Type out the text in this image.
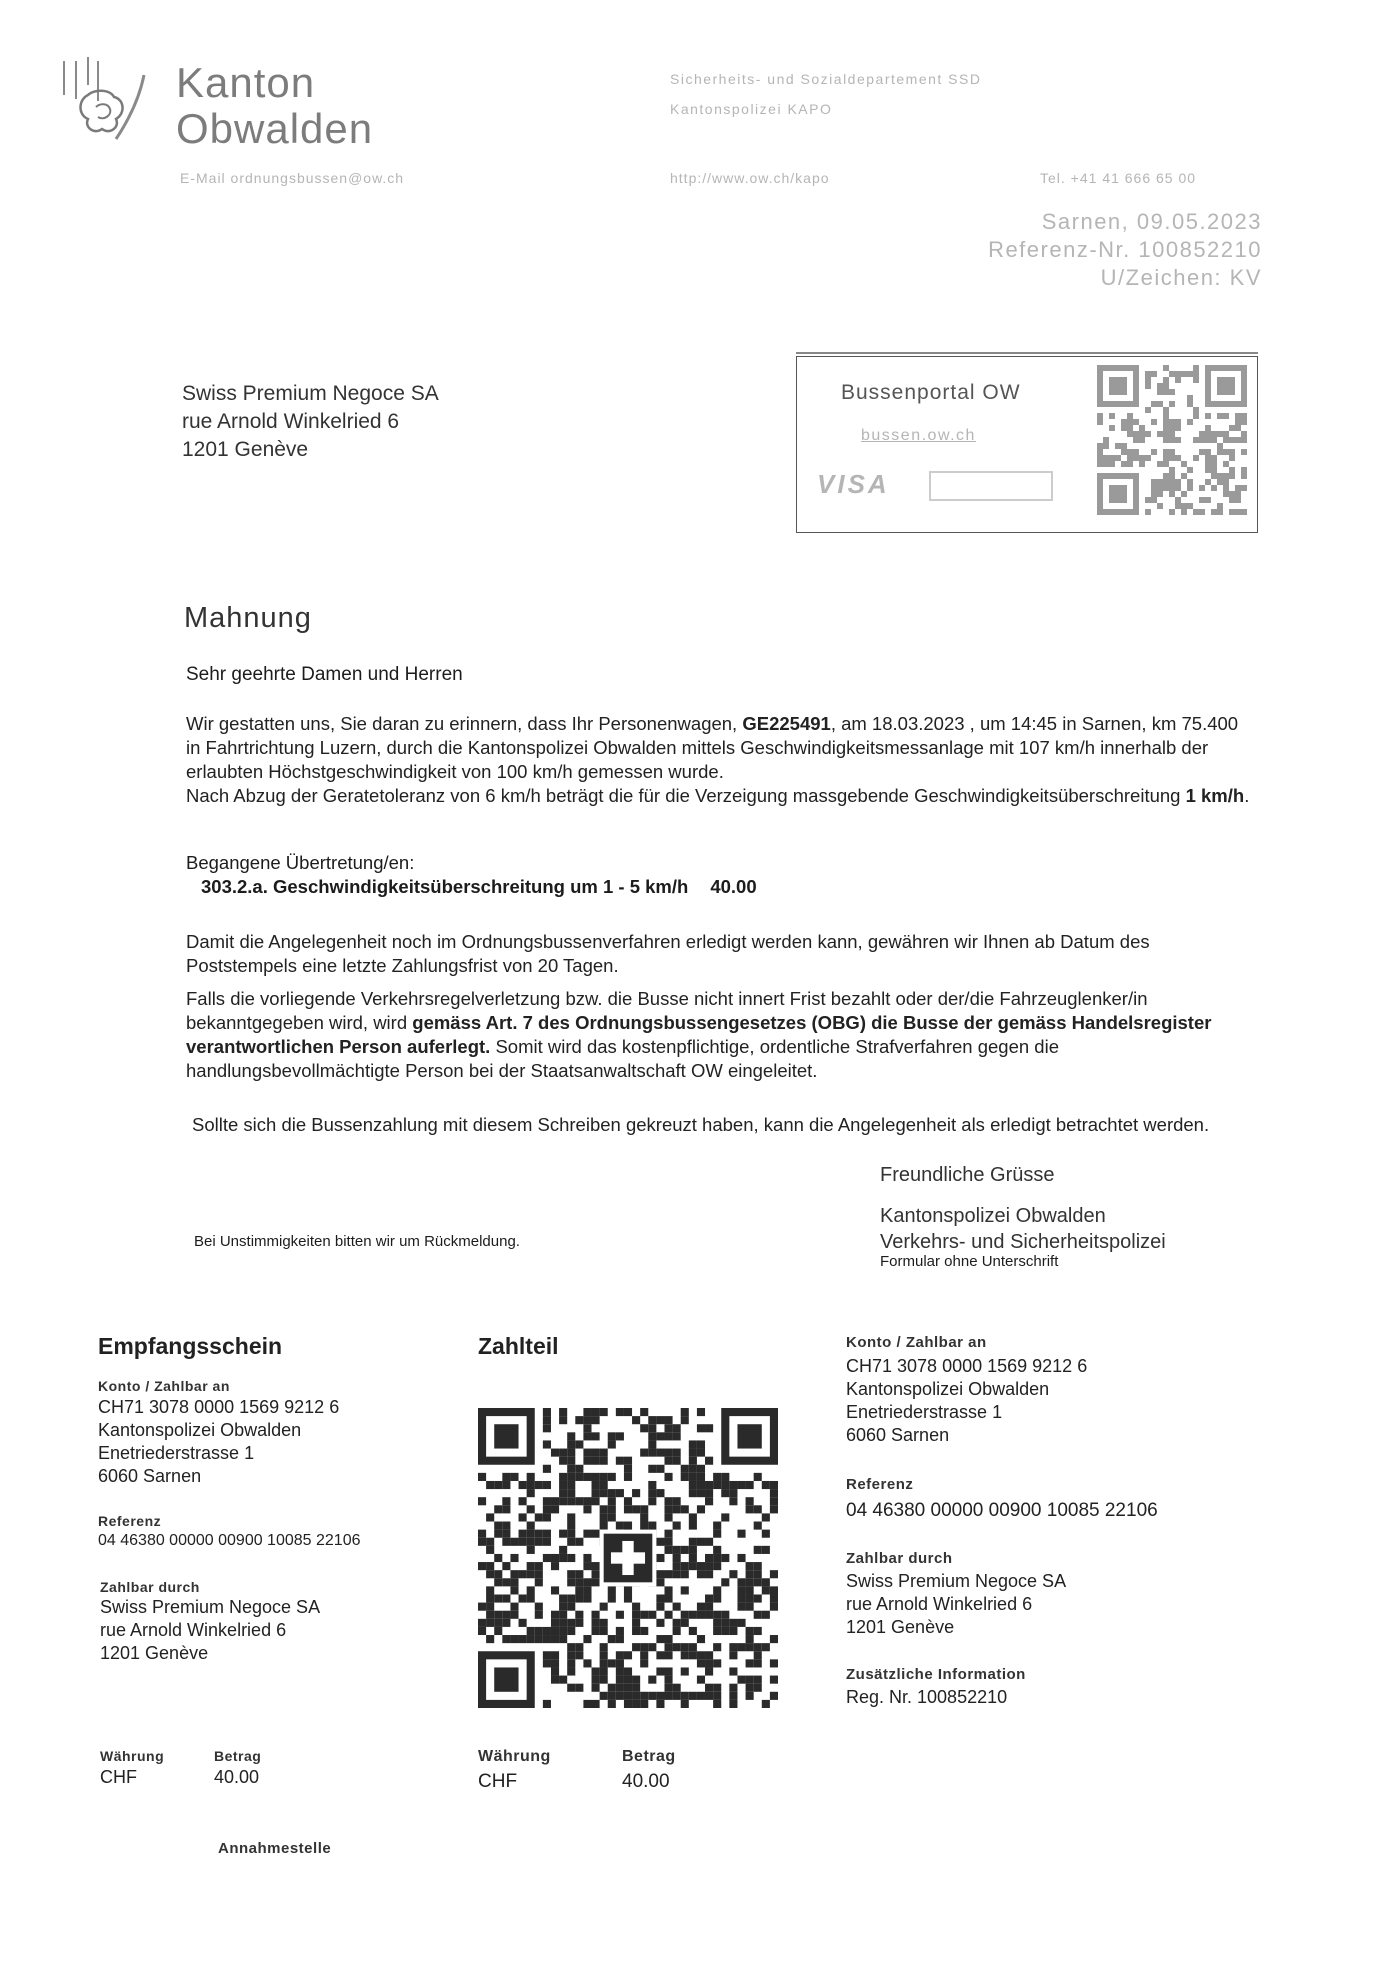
Kanton
Obwalden
Sicherheits- und Sozialdepartement SSD
Kantonspolizei KAPO
E-Mail ordnungsbussen@ow.ch	http://www.ow.ch/kapo	Tel. +41 41 666 65 00
Sarnen, 09.05.2023
Referenz-Nr. 100852210
U/Zeichen: KV
Swiss Premium Negoce SA
rue Arnold Winkelried 6
1201 Genève
Bussenportal OW
bussen.ow.ch
VISA
Mahnung
Sehr geehrte Damen und Herren

Wir gestatten uns, Sie daran zu erinnern, dass Ihr Personenwagen, GE225491, am 18.03.2023 , um 14:45 in Sarnen, km 75.400 in Fahrtrichtung Luzern, durch die Kantonspolizei Obwalden mittels Geschwindigkeitsmessanlage mit 107 km/h innerhalb der erlaubten Höchstgeschwindigkeit von 100 km/h gemessen wurde.

Nach Abzug der Geratetoleranz von 6 km/h beträgt die für die Verzeigung massgebende Geschwindigkeitsüberschreitung 1 km/h.

Begangene Übertretung/en:
303.2.a. Geschwindigkeitsüberschreitung um 1 - 5 km/h 40.00

Damit die Angelegenheit noch im Ordnungsbussenverfahren erledigt werden kann, gewähren wir Ihnen ab Datum des Poststempels eine letzte Zahlungsfrist von 20 Tagen.

Falls die vorliegende Verkehrsregelverletzung bzw. die Busse nicht innert Frist bezahlt oder der/die Fahrzeuglenker/in bekanntgegeben wird, wird gemäss Art. 7 des Ordnungsbussengesetzes (OBG) die Busse der gemäss Handelsregister verantwortlichen Person auferlegt. Somit wird das kostenpflichtige, ordentliche Strafverfahren gegen die handlungsbevollmächtigte Person bei der Staatsanwaltschaft OW eingeleitet.

Sollte sich die Bussenzahlung mit diesem Schreiben gekreuzt haben, kann die Angelegenheit als erledigt betrachtet werden.

Freundliche Grüsse
Kantonspolizei Obwalden
Verkehrs- und Sicherheitspolizei
Formular ohne Unterschrift
Bei Unstimmigkeiten bitten wir um Rückmeldung.
Empfangsschein
Konto / Zahlbar an
CH71 3078 0000 1569 9212 6
Kantonspolizei Obwalden
Enetriederstrasse 1
6060 Sarnen
Referenz
04 46380 00000 00900 10085 22106
Zahlbar durch
Swiss Premium Negoce SA
rue Arnold Winkelried 6
1201 Genève
Währung
CHF
Betrag
40.00
Annahmestelle
Zahlteil
Währung
CHF
Betrag
40.00
Konto / Zahlbar an
CH71 3078 0000 1569 9212 6
Kantonspolizei Obwalden
Enetriederstrasse 1
6060 Sarnen
Referenz
04 46380 00000 00900 10085 22106
Zahlbar durch
Swiss Premium Negoce SA
rue Arnold Winkelried 6
1201 Genève
Zusätzliche Information
Reg. Nr. 100852210
